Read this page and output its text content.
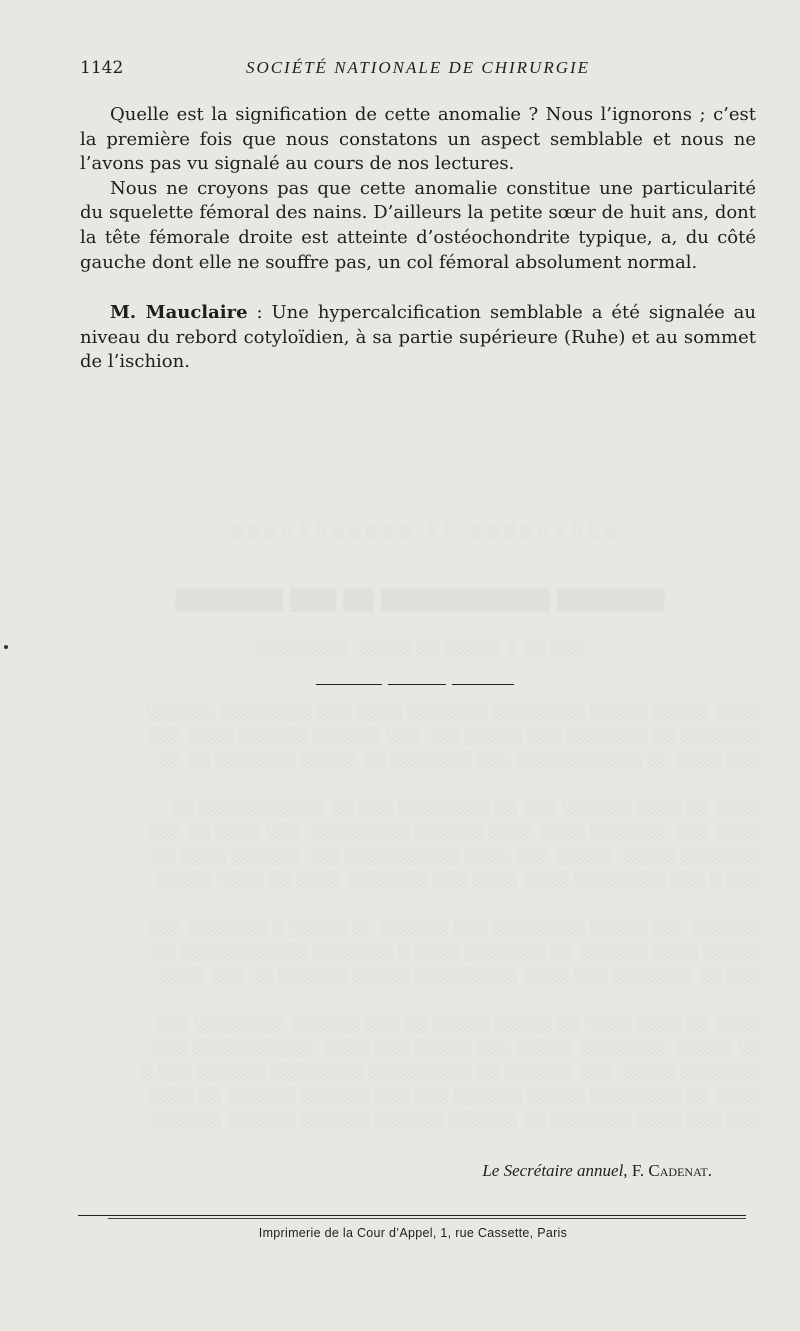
░░░░░░░░░ ░░ ░░░░░░░░░░░
▒▒▒▒▒▒▒ ▒▒▒▒▒▒▒▒▒▒▒ ▒▒ ▒▒▒ ▒▒▒▒▒▒▒
░░░ ░░ ░ ░░░░░ ░░ ░░░░░ ░░░░░░░░
░░░░ ░░░░░ ░░░░░ ░░░░░░░░ ░░░░░░░ ░░░░ ░░░ ░░░░░░░░ ░░░░░░
░░░░░░░ ░░ ░░░░░░░ ░░░ ░░░░░ ░░░ ░░░ ░░░░░░ ░░░░░░ ░░░░ ░░░
░░░ ░░░░ ░░ ░░░░░░░░░░░ ░░░ ░░░░░░░ ░░ ░░░░░ ░░░░░░░ ░░ ░░
░░░░ ░░ ░░░░ ░░░░░░ ░░░ ░░ ░░░░░░░░ ░░░ ░░ ░░░░░░░░░░░ ░░
░░░░ ░░░ ░░░░░░░ ░░░░ ░░░░ ░░░░░░ ░░░░░░░░░ ░░░ ░░░░ ░░ ░░░
░░░░░░░ ░░░░░ ░░░░░ ░░░ ░░░░ ░░░░░░░░░░ ░░░ ░░░░░░ ░░░░ ░░
░░░ ░ ░░░ ░░░░░░░░ ░░░░ ░░░░ ░░░ ░░░░░░░ ░░░░ ░░ ░░░░ ░░░░░
░░░░░░ ░░░ ░░░░░ ░░░░░░░░ ░░░ ░░░░░░ ░░ ░░░░░ ░ ░░░░░░░ ░░░
░░░░░ ░░░░ ░░░░░░ ░░ ░░░░░░░ ░░░░ ░ ░░░░░░░ ░░░░░░░░░░░ ░░
░░░ ░░ ░░░░░░░ ░░░ ░░░░ ░░░░░░░░░ ░░░░░ ░░░░░░ ░░ ░░░ ░░░░
░░░░ ░░ ░░░░ ░░░░ ░░ ░░░░░ ░░░░░ ░░ ░░░ ░░░░░░ ░░░░░░░░ ░░░
░░ ░░░░░ ░░░░░░░░ ░░░░░ ░░░ ░░░░░ ░░░ ░░░░ ░░░░░░░░░░░ ░░░
░░░░░░░ ░░░░░ ░░░ ░░░░░░ ░░ ░░░░░░░░░ ░░░░░░░░ ░░░░░░ ░░░ ░
░░░░ ░░ ░░░░░░░░ ░░░░░ ░░░░░░ ░░░ ░░░ ░░░░░░ ░░░░░░ ░░ ░░░░
░░░ ░░░ ░░░░ ░░░░░░░ ░░ ░░░░░░ ░░░░░░ ░░░░░░ ░░░░░░ ░░░░░░
1142	SOCIÉTÉ NATIONALE DE CHIRURGIE

Quelle est la signification de cette anomalie ? Nous l’ignorons ; c’est la première fois que nous constatons un aspect semblable et nous ne l’avons pas vu signalé au cours de nos lectures.

Nous ne croyons pas que cette anomalie constitue une particularité du squelette fémoral des nains. D’ailleurs la petite sœur de huit ans, dont la tête fémorale droite est atteinte d’ostéochondrite typique, a, du côté gauche dont elle ne souffre pas, un col fémoral absolument normal.

M. Mauclaire : Une hypercalcification semblable a été signalée au niveau du rebord cotyloïdien, à sa partie supérieure (Ruhe) et au sommet de l’ischion.

Le Secrétaire annuel, F. Cadenat.
Imprimerie de la Cour d’Appel, 1, rue Cassette, Paris
